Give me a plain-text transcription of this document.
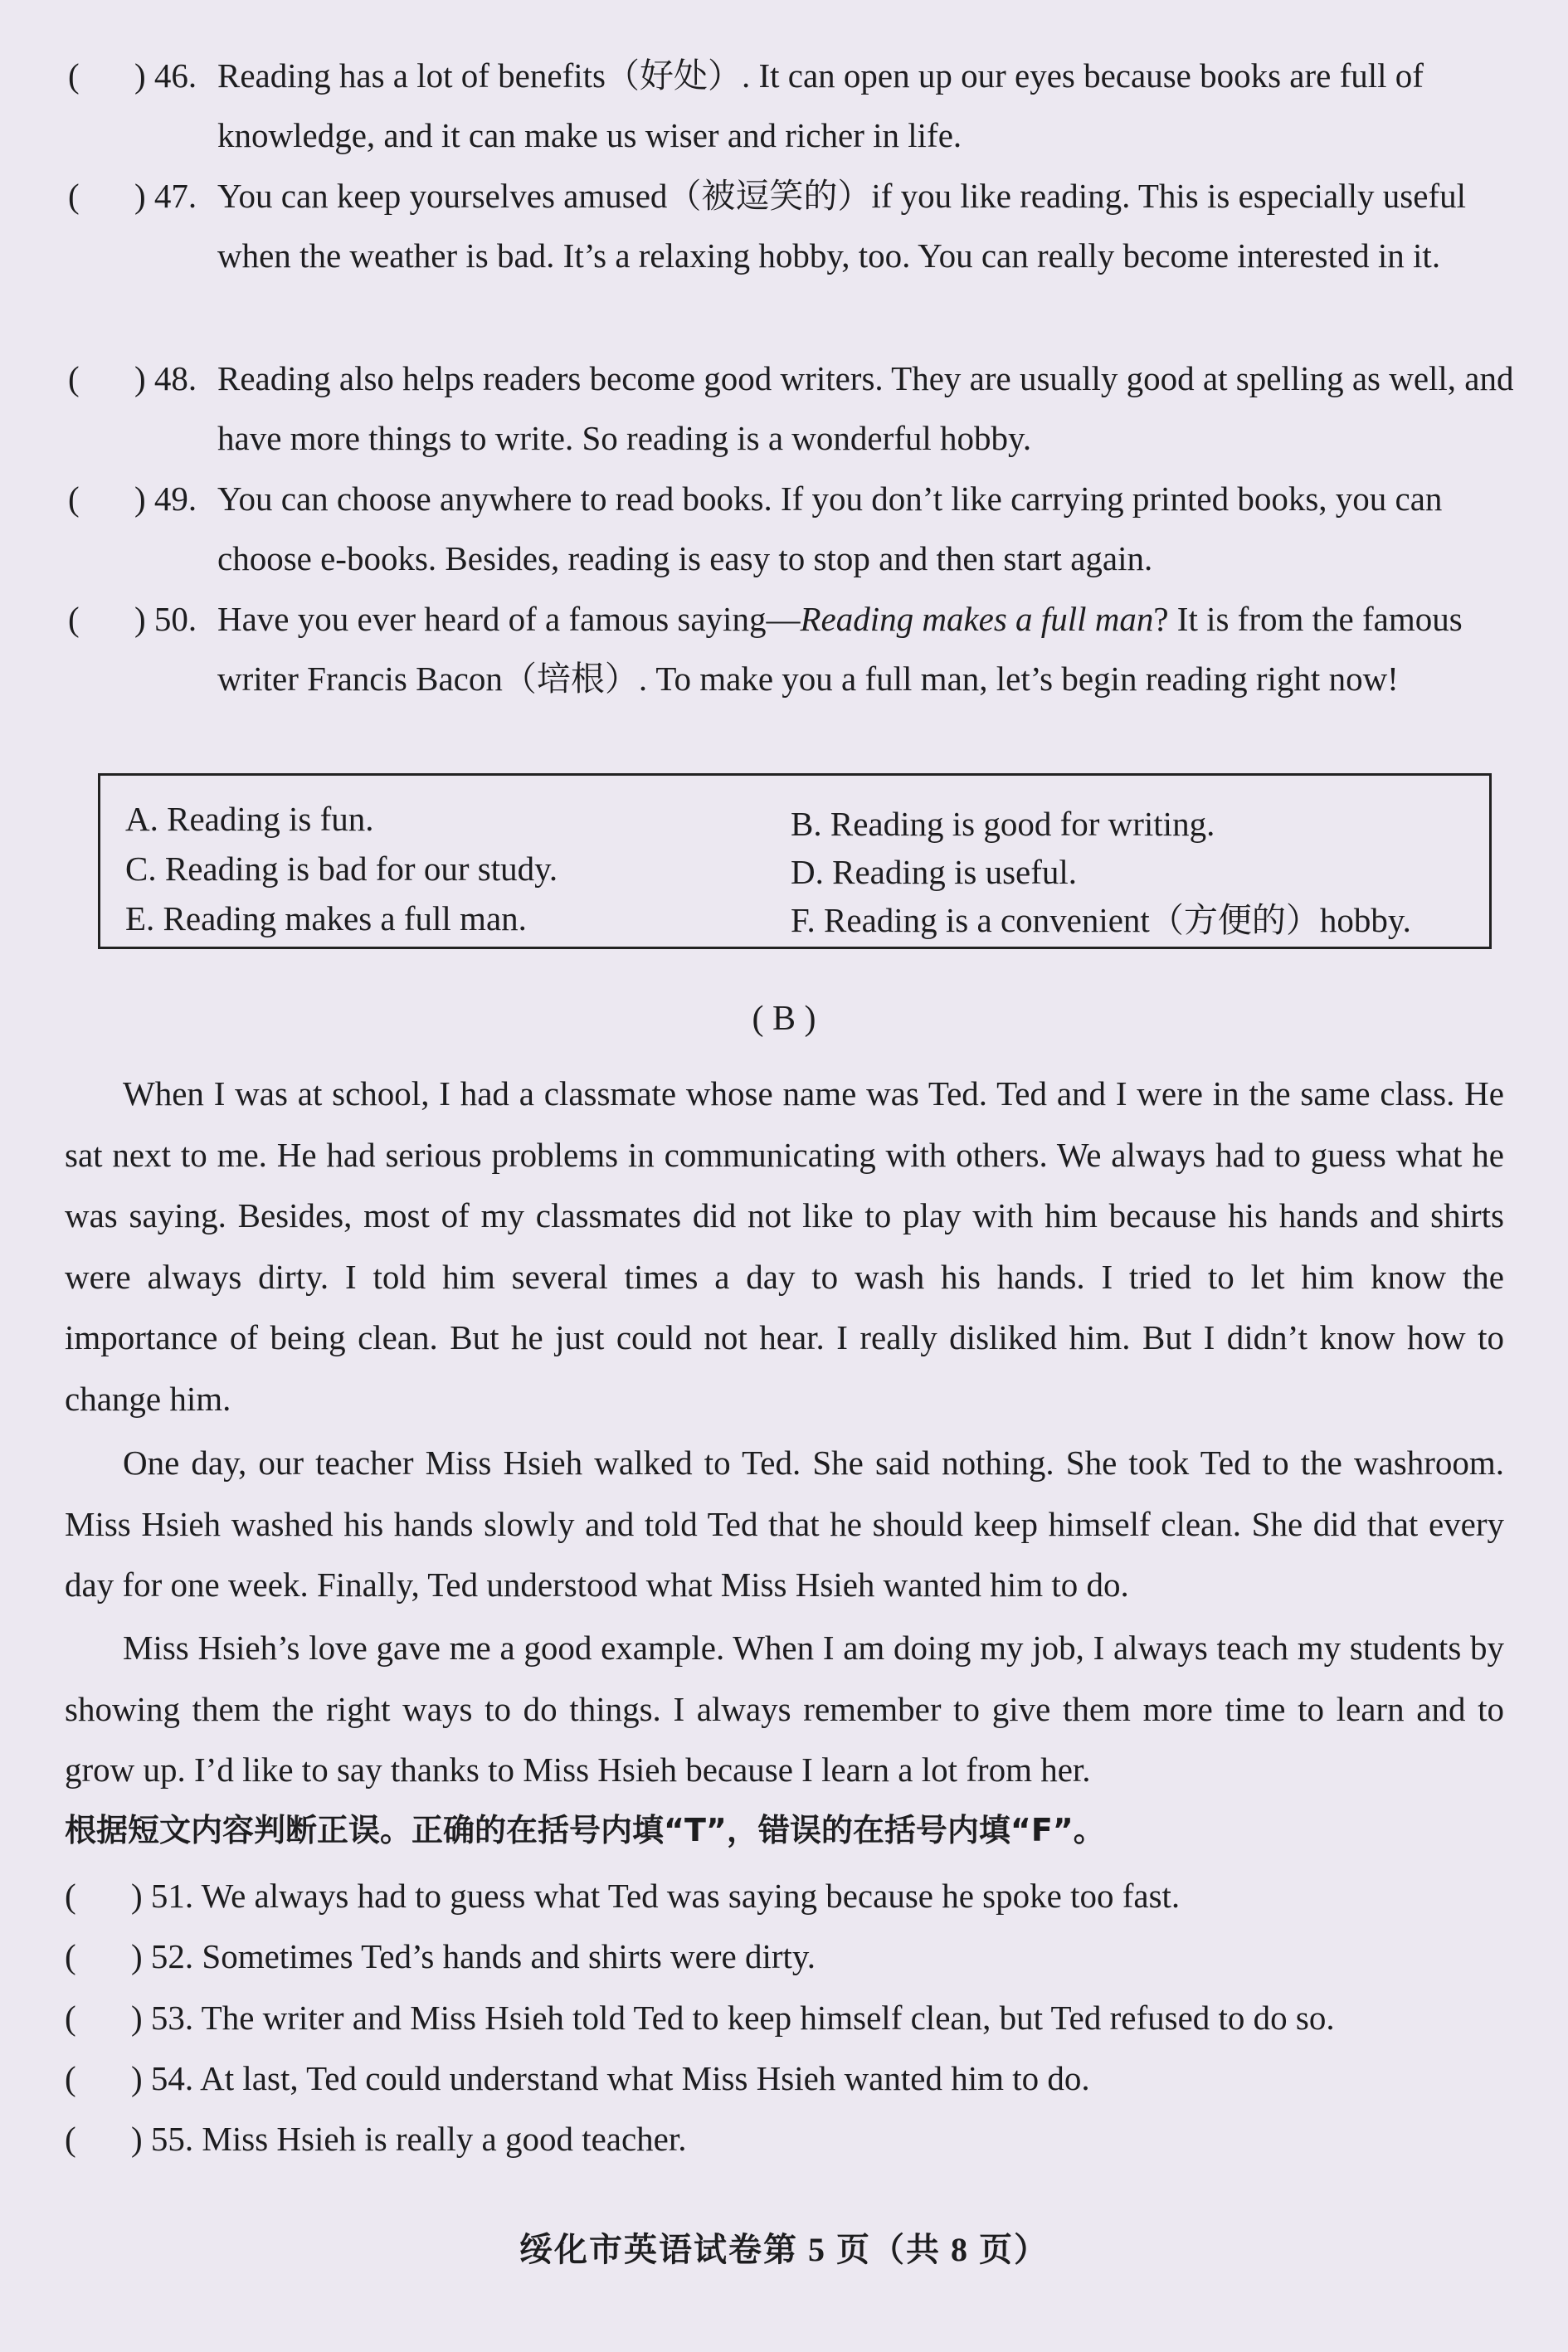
( ) 46. Reading has a lot of benefits（好处）. It can open up our eyes because books are full of knowledge, and it can make us wiser and richer in life.
( ) 47. You can keep yourselves amused（被逗笑的）if you like reading. This is especially useful when the weather is bad. It’s a relaxing hobby, too. You can really become interested in it.
( ) 48. Reading also helps readers become good writers. They are usually good at spelling as well, and have more things to write. So reading is a wonderful hobby.
( ) 49. You can choose anywhere to read books. If you don’t like carrying printed books, you can choose e-books. Besides, reading is easy to stop and then start again.
( ) 50. Have you ever heard of a famous saying—Reading makes a full man? It is from the famous writer Francis Bacon（培根）. To make you a full man, let’s begin reading right now!
A. Reading is fun.	B. Reading is good for writing.
C. Reading is bad for our study.	D. Reading is useful.
E. Reading makes a full man.	F. Reading is a convenient（方便的）hobby.
( B )

When I was at school, I had a classmate whose name was Ted. Ted and I were in the same class. He sat next to me. He had serious problems in communicating with others. We always had to guess what he was saying. Besides, most of my classmates did not like to play with him because his hands and shirts were always dirty. I told him several times a day to wash his hands. I tried to let him know the importance of being clean. But he just could not hear. I really disliked him. But I didn’t know how to change him.

One day, our teacher Miss Hsieh walked to Ted. She said nothing. She took Ted to the washroom. Miss Hsieh washed his hands slowly and told Ted that he should keep himself clean. She did that every day for one week. Finally, Ted understood what Miss Hsieh wanted him to do.

Miss Hsieh’s love gave me a good example. When I am doing my job, I always teach my students by showing them the right ways to do things. I always remember to give them more time to learn and to grow up. I’d like to say thanks to Miss Hsieh because I learn a lot from her.

根据短文内容判断正误。正确的在括号内填“T”，错误的在括号内填“F”。
( ) 51. We always had to guess what Ted was saying because he spoke too fast.
( ) 52. Sometimes Ted’s hands and shirts were dirty.
( ) 53. The writer and Miss Hsieh told Ted to keep himself clean, but Ted refused to do so.
( ) 54. At last, Ted could understand what Miss Hsieh wanted him to do.
( ) 55. Miss Hsieh is really a good teacher.
绥化市英语试卷第 5 页（共 8 页）
